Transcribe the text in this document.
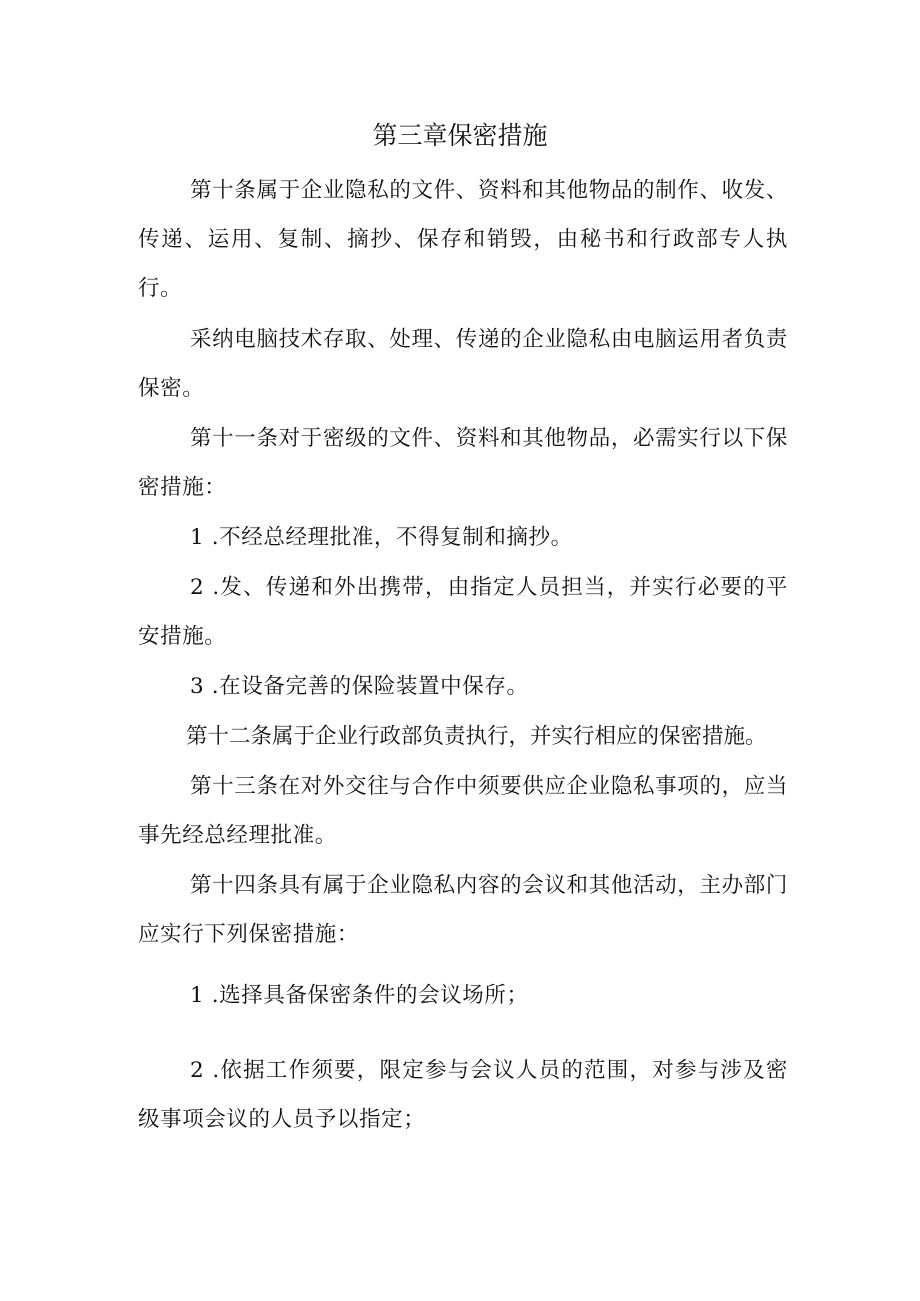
第三章保密措施
第十条属于企业隐私的文件、资料和其他物品的制作、收发、传递、运用、复制、摘抄、保存和销毁，由秘书和行政部专人执行。
采纳电脑技术存取、处理、传递的企业隐私由电脑运用者负责保密。
第十一条对于密级的文件、资料和其他物品，必需实行以下保密措施：
1 .不经总经理批准，不得复制和摘抄。
2 .发、传递和外出携带，由指定人员担当，并实行必要的平安措施。
3 .在设备完善的保险装置中保存。
第十二条属于企业行政部负责执行，并实行相应的保密措施。
第十三条在对外交往与合作中须要供应企业隐私事项的，应当事先经总经理批准。
第十四条具有属于企业隐私内容的会议和其他活动，主办部门应实行下列保密措施：
1 .选择具备保密条件的会议场所；
2 .依据工作须要，限定参与会议人员的范围，对参与涉及密级事项会议的人员予以指定；
